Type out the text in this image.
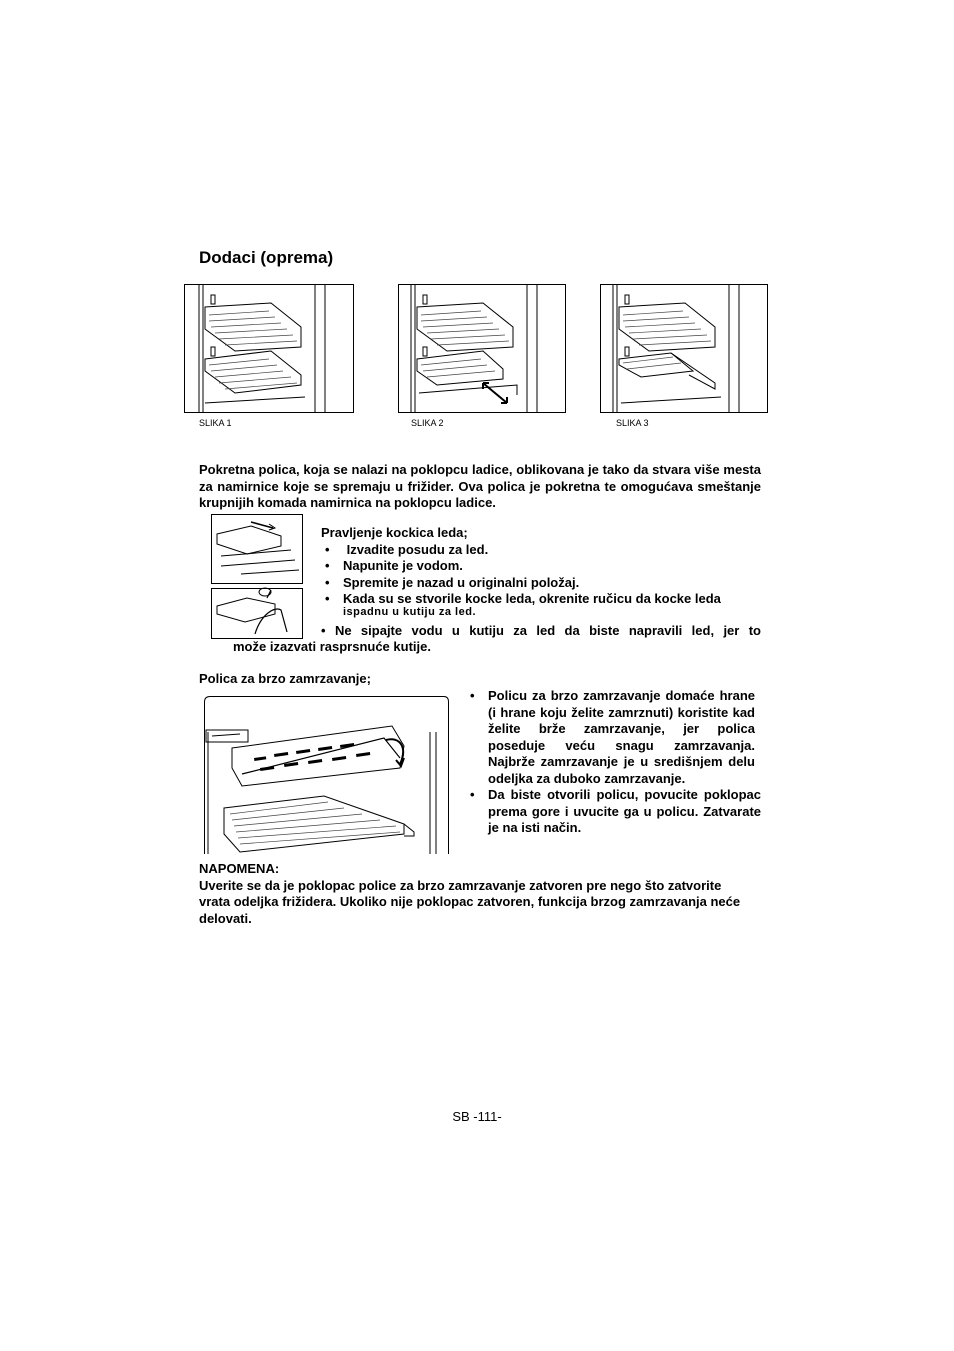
Dodaci (oprema)
SLIKA 1	SLIKA 2	SLIKA 3
Pokretna polica, koja se nalazi na poklopcu ladice, oblikovana je tako da stvara više mesta za namirnice koje se spremaju u frižider. Ova polica je pokretna te omogućava smeštanje krupnijih komada namirnica na poklopcu ladice.
Pravljenje kockica leda;
•  Izvadite posudu za led.
• Napunite je vodom.
• Spremite je nazad u originalni položaj.
• Kada su se stvorile kocke leda, okrenite ručicu da kocke leda
ispadnu u kutiju za led.
• Ne sipajte vodu u kutiju za led da biste napravili led, jer to
može izazvati rasprsnuće kutije.
Polica za brzo zamrzavanje;
• Policu za brzo zamrzavanje domaće hrane (i hrane koju želite zamrznuti) koristite kad želite brže zamrzavanje, jer polica poseduje veću snagu zamrzavanja. Najbrže zamrzavanje je u središnjem delu odeljka za duboko zamrzavanje.
• Da biste otvorili policu, povucite poklopac prema gore i uvucite ga u policu. Zatvarate je na isti način.
NAPOMENA:
Uverite se da je poklopac police za brzo zamrzavanje zatvoren pre nego što zatvorite vrata odeljka frižidera. Ukoliko nije poklopac zatvoren, funkcija brzog zamrzavanja neće delovati.
SB -111-
